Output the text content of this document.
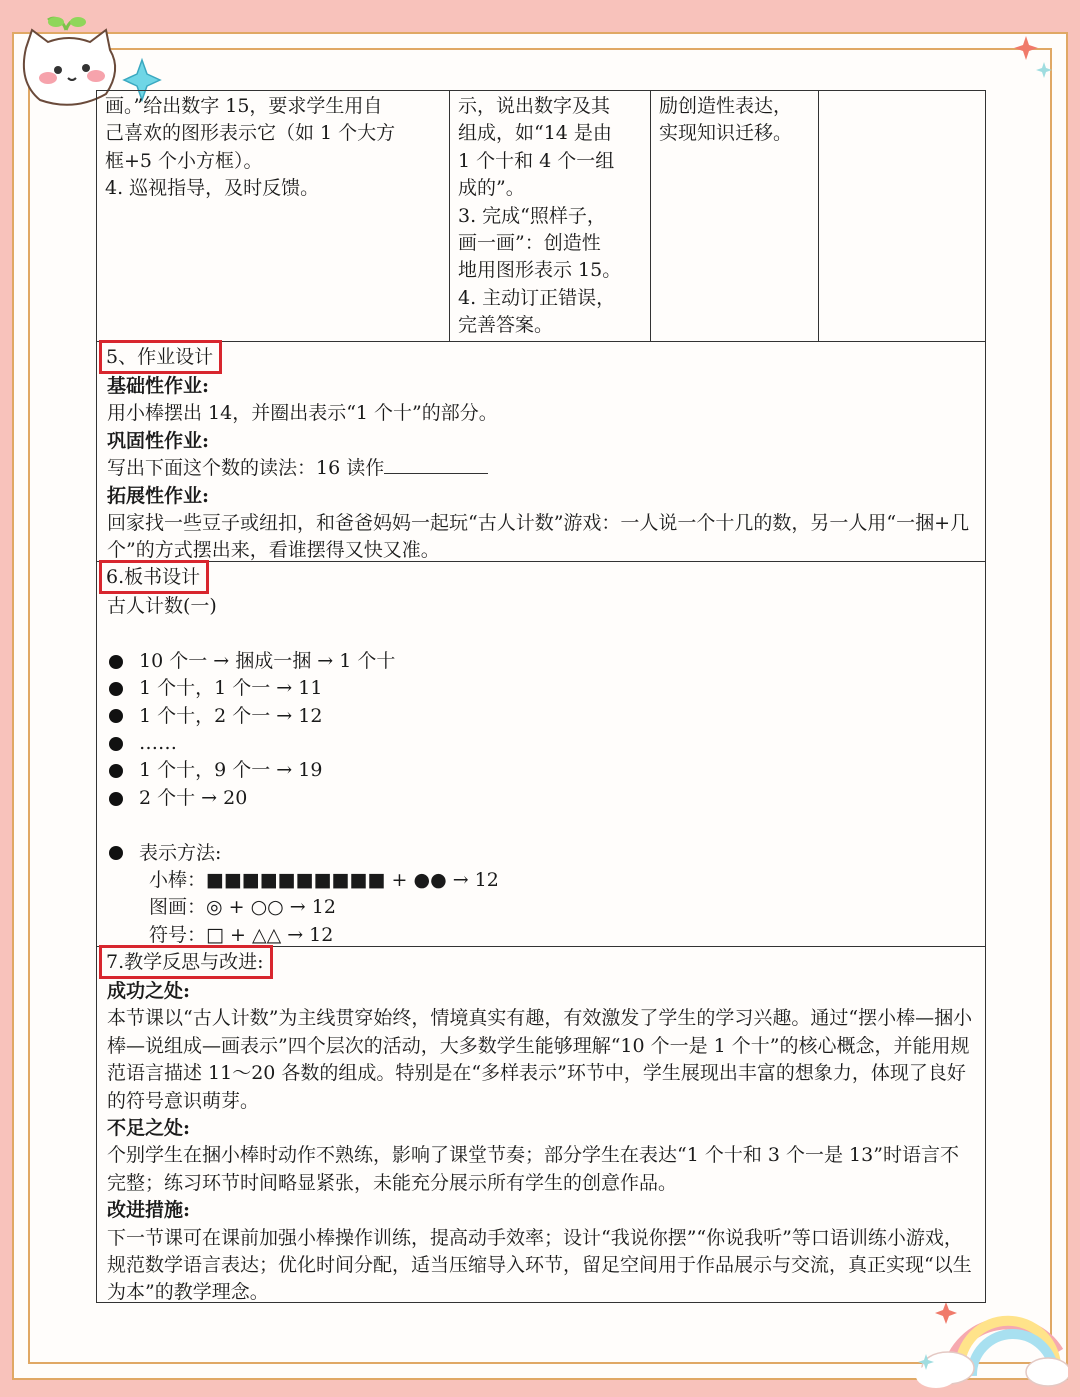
画。”给出数字 15，要求学生用自
己喜欢的图形表示它（如 1 个大方
框+5 个小方框）。
4. 巡视指导，及时反馈。
示，说出数字及其
组成，如“14 是由
1 个十和 4 个一组
成的”。
3. 完成“照样子，
画一画”：创造性
地用图形表示 15。
4. 主动订正错误，
完善答案。
励创造性表达，
实现知识迁移。
5、作业设计
基础性作业:
用小棒摆出 14，并圈出表示“1 个十”的部分。
巩固性作业:
写出下面这个数的读法：16 读作
拓展性作业:
回家找一些豆子或纽扣，和爸爸妈妈一起玩“古人计数”游戏：一人说一个十几的数，另一人用“一捆+几个”的方式摆出来，看谁摆得又快又准。
6.板书设计
古人计数(一)
10 个一 → 捆成一捆 → 1 个十
1 个十，1 个一 → 11
1 个十，2 个一 → 12
……
1 个十，9 个一 → 19
2 个十 → 20
表示方法:
小棒：■■■■■■■■■■ + ●● → 12
图画：◎ + ○○ → 12
符号：□ + △△ → 12
7.教学反思与改进:
成功之处:
本节课以“古人计数”为主线贯穿始终，情境真实有趣，有效激发了学生的学习兴趣。通过“摆小棒—捆小棒—说组成—画表示”四个层次的活动，大多数学生能够理解“10 个一是 1 个十”的核心概念，并能用规范语言描述 11～20 各数的组成。特别是在“多样表示”环节中，学生展现出丰富的想象力，体现了良好的符号意识萌芽。
不足之处:
个别学生在捆小棒时动作不熟练，影响了课堂节奏；部分学生在表达“1 个十和 3 个一是 13”时语言不完整；练习环节时间略显紧张，未能充分展示所有学生的创意作品。
改进措施:
下一节课可在课前加强小棒操作训练，提高动手效率；设计“我说你摆”“你说我听”等口语训练小游戏，规范数学语言表达；优化时间分配，适当压缩导入环节，留足空间用于作品展示与交流，真正实现“以生为本”的教学理念。
